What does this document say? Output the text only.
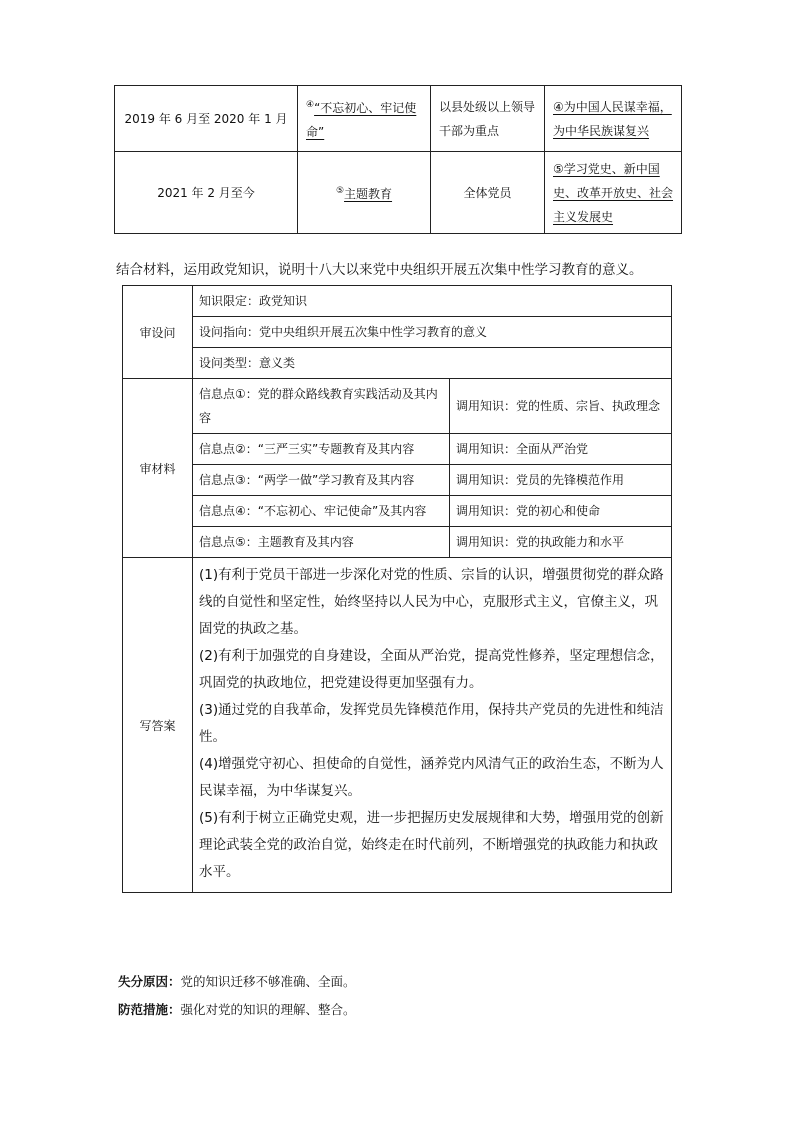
2019 年 6 月至 2020 年 1 月	④“不忘初心、牢记使命”	以县处级以上领导干部为重点	④为中国人民谋幸福，为中华民族谋复兴
2021 年 2 月至今	⑤主题教育	全体党员	⑤学习党史、新中国史、改革开放史、社会主义发展史
结合材料，运用政党知识，说明十八大以来党中央组织开展五次集中性学习教育的意义。
审设问	知识限定：政党知识	
	设问指向：党中央组织开展五次集中性学习教育的意义	
	设问类型：意义类	
审材料	信息点①：党的群众路线教育实践活动及其内容	调用知识：党的性质、宗旨、执政理念
	信息点②：“三严三实”专题教育及其内容	调用知识：全面从严治党
	信息点③：“两学一做”学习教育及其内容	调用知识：党员的先锋模范作用
	信息点④：“不忘初心、牢记使命”及其内容	调用知识：党的初心和使命
	信息点⑤：主题教育及其内容	调用知识：党的执政能力和水平
写答案	(1)有利于党员干部进一步深化对党的性质、宗旨的认识，增强贯彻党的群众路线的自觉性和坚定性，始终坚持以人民为中心，克服形式主义，官僚主义，巩固党的执政之基。

(2)有利于加强党的自身建设，全面从严治党，提高党性修养，坚定理想信念，巩固党的执政地位，把党建设得更加坚强有力。

(3)通过党的自我革命，发挥党员先锋模范作用，保持共产党员的先进性和纯洁性。

(4)增强党守初心、担使命的自觉性，涵养党内风清气正的政治生态，不断为人民谋幸福，为中华谋复兴。

(5)有利于树立正确党史观，进一步把握历史发展规律和大势，增强用党的创新理论武装全党的政治自觉，始终走在时代前列，不断增强党的执政能力和执政水平。	

失分原因：党的知识迁移不够准确、全面。
防范措施：强化对党的知识的理解、整合。
